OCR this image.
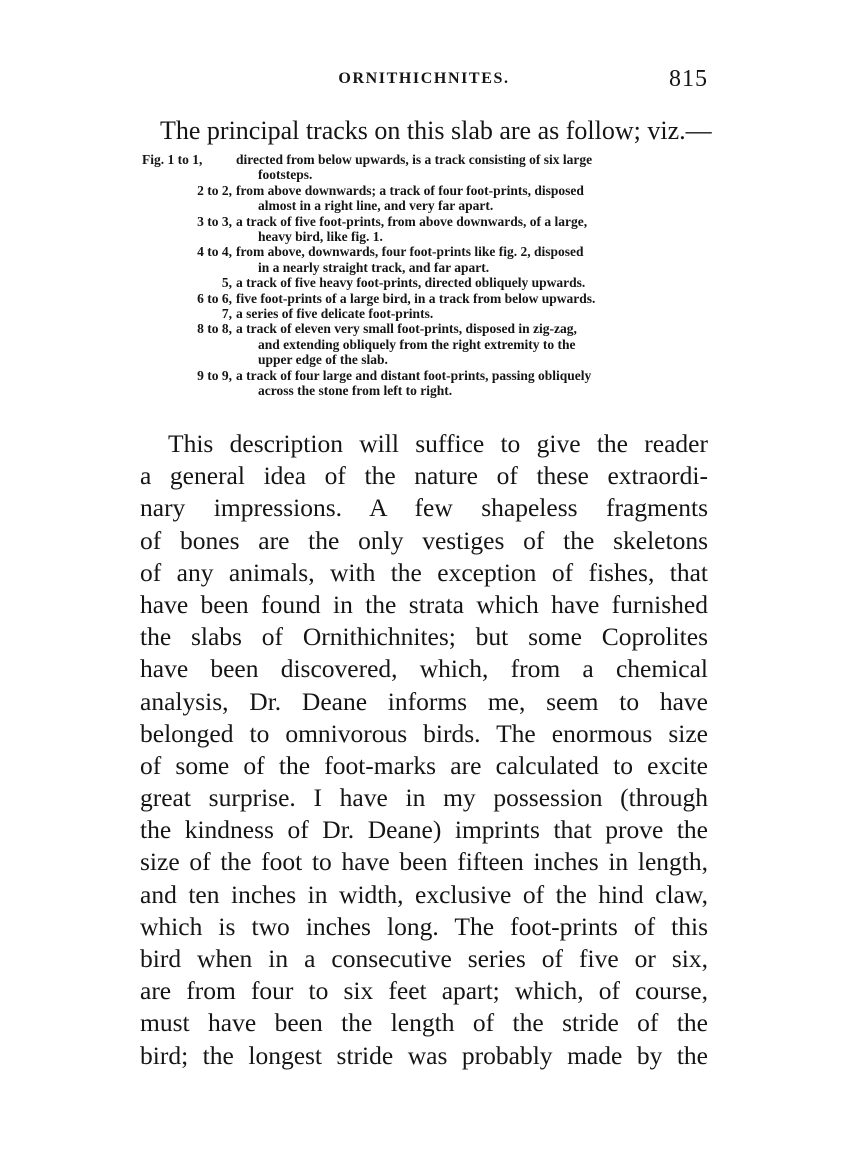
ORNITHICHNITES.	815
The principal tracks on this slab are as follow; viz.—
Fig. 1 to 1,	directed from below upwards, is a track consisting of six large
footsteps.
2 to 2, from above downwards; a track of four foot-prints, disposed
almost in a right line, and very far apart.
3 to 3, a track of five foot-prints, from above downwards, of a large,
heavy bird, like fig. 1.
4 to 4, from above, downwards, four foot-prints like fig. 2, disposed
in a nearly straight track, and far apart.
5, a track of five heavy foot-prints, directed obliquely upwards.
6 to 6, five foot-prints of a large bird, in a track from below upwards.
7, a series of five delicate foot-prints.
8 to 8, a track of eleven very small foot-prints, disposed in zig-zag,
and extending obliquely from the right extremity to the
upper edge of the slab.
9 to 9, a track of four large and distant foot-prints, passing obliquely
across the stone from left to right.
This description will suffice to give the reader
a general idea of the nature of these extraordi-
nary impressions. A few shapeless fragments
of bones are the only vestiges of the skeletons
of any animals, with the exception of fishes, that
have been found in the strata which have furnished
the slabs of Ornithichnites; but some Coprolites
have been discovered, which, from a chemical
analysis, Dr. Deane informs me, seem to have
belonged to omnivorous birds. The enormous size
of some of the foot-marks are calculated to excite
great surprise. I have in my possession (through
the kindness of Dr. Deane) imprints that prove the
size of the foot to have been fifteen inches in length,
and ten inches in width, exclusive of the hind claw,
which is two inches long. The foot-prints of this
bird when in a consecutive series of five or six,
are from four to six feet apart; which, of course,
must have been the length of the stride of the
bird; the longest stride was probably made by the
